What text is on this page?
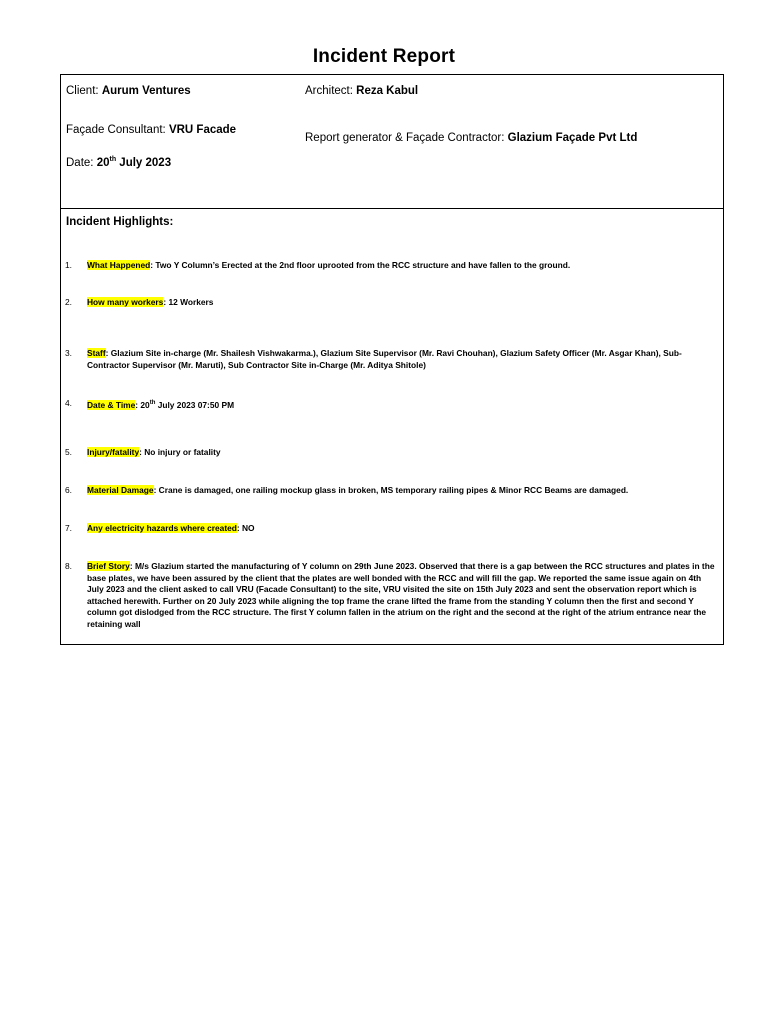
Incident Report
Client: Aurum Ventures	Architect: Reza Kabul
Façade Consultant: VRU Facade
Report generator & Façade Contractor: Glazium Façade Pvt Ltd
Date: 20th July 2023
Incident Highlights:
1. What Happened: Two Y Column’s Erected at the 2nd floor uprooted from the RCC structure and have fallen to the ground.
2. How many workers: 12 Workers
3. Staff: Glazium Site in-charge (Mr. Shailesh Vishwakarma.), Glazium Site Supervisor (Mr. Ravi Chouhan), Glazium Safety Officer (Mr. Asgar Khan), Sub-Contractor Supervisor (Mr. Maruti), Sub Contractor Site in-Charge (Mr. Aditya Shitole)
4. Date & Time: 20th July 2023 07:50 PM
5. Injury/fatality: No injury or fatality
6. Material Damage: Crane is damaged, one railing mockup glass in broken, MS temporary railing pipes & Minor RCC Beams are damaged.
7. Any electricity hazards where created: NO
8. Brief Story: M/s Glazium started the manufacturing of Y column on 29th June 2023. Observed that there is a gap between the RCC structures and plates in the base plates, we have been assured by the client that the plates are well bonded with the RCC and will fill the gap. We reported the same issue again on 4th July 2023 and the client asked to call VRU (Facade Consultant) to the site, VRU visited the site on 15th July 2023 and sent the observation report which is attached herewith. Further on 20 July 2023 while aligning the top frame the crane lifted the frame from the standing Y column then the first and second Y column got dislodged from the RCC structure. The first Y column fallen in the atrium on the right and the second at the right of the atrium entrance near the retaining wall
